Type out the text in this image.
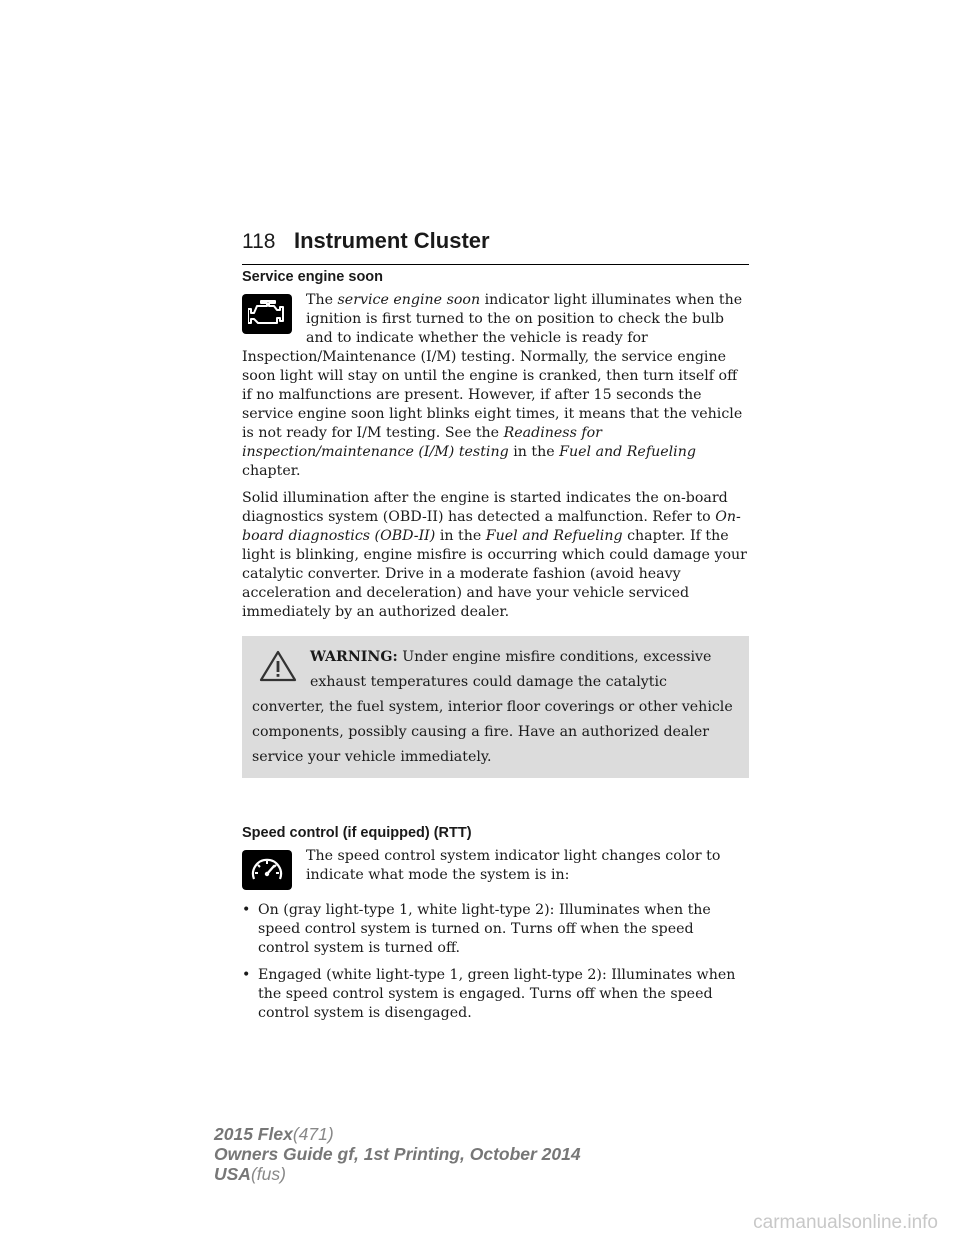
118 Instrument Cluster
Service engine soon

The service engine soon indicator light illuminates when the ignition is first turned to the on position to check the bulb and to indicate whether the vehicle is ready for Inspection/Maintenance (I/M) testing. Normally, the service engine soon light will stay on until the engine is cranked, then turn itself off if no malfunctions are present. However, if after 15 seconds the service engine soon light blinks eight times, it means that the vehicle is not ready for I/M testing. See the Readiness for inspection/maintenance (I/M) testing in the Fuel and Refueling chapter.

Solid illumination after the engine is started indicates the on-board diagnostics system (OBD-II) has detected a malfunction. Refer to On-board diagnostics (OBD-II) in the Fuel and Refueling chapter. If the light is blinking, engine misfire is occurring which could damage your catalytic converter. Drive in a moderate fashion (avoid heavy acceleration and deceleration) and have your vehicle serviced immediately by an authorized dealer.

WARNING: Under engine misfire conditions, excessive exhaust temperatures could damage the catalytic converter, the fuel system, interior floor coverings or other vehicle components, possibly causing a fire. Have an authorized dealer service your vehicle immediately.
Speed control (if equipped) (RTT)

The speed control system indicator light changes color to indicate what mode the system is in:

• On (gray light-type 1, white light-type 2): Illuminates when the speed control system is turned on. Turns off when the speed control system is turned off.
• Engaged (white light-type 1, green light-type 2): Illuminates when the speed control system is engaged. Turns off when the speed control system is disengaged.
2015 Flex(471)
Owners Guide gf, 1st Printing, October 2014
USA(fus)
carmanualsonline.info
